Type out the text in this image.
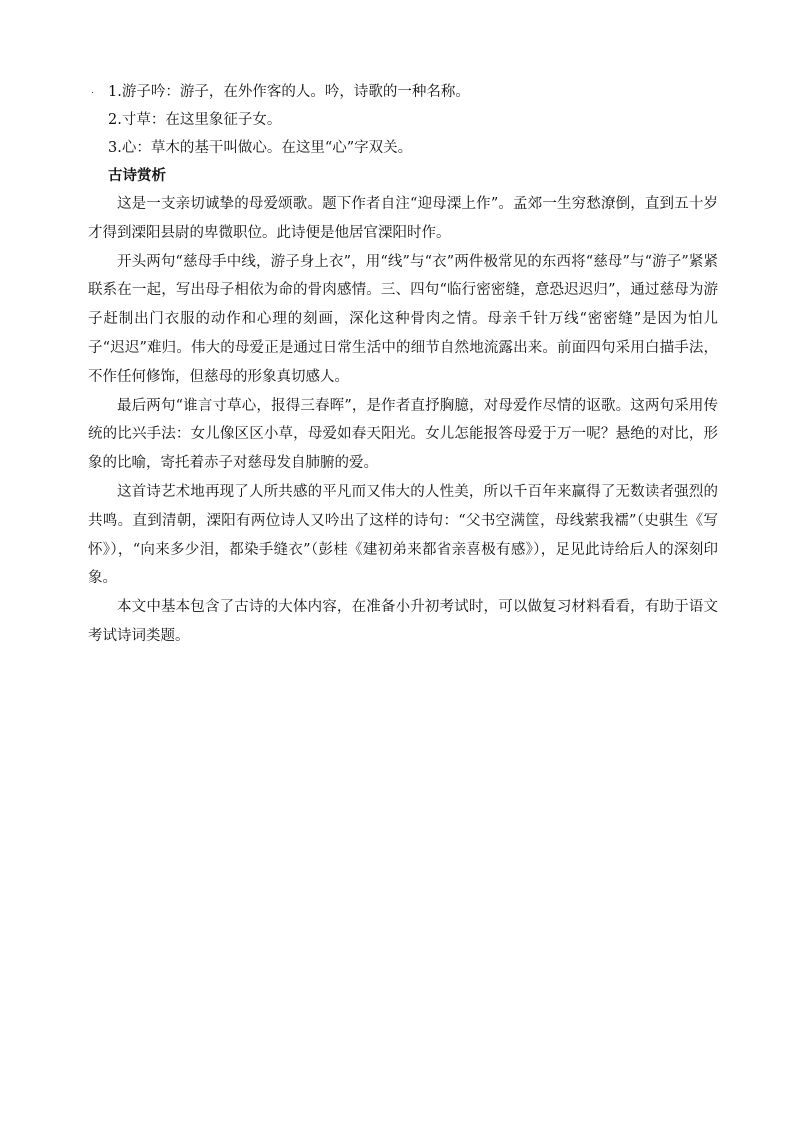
. 1.游子吟：游子，在外作客的人。吟，诗歌的一种名称。

2.寸草：在这里象征子女。

3.心：草木的基干叫做心。在这里“心”字双关。

古诗赏析

这是一支亲切诚挚的母爱颂歌。题下作者自注“迎母溧上作”。孟郊一生穷愁潦倒，直到五十岁才得到溧阳县尉的卑微职位。此诗便是他居官溧阳时作。

开头两句“慈母手中线，游子身上衣”，用“线”与“衣”两件极常见的东西将“慈母”与“游子”紧紧联系在一起，写出母子相依为命的骨肉感情。三、四句“临行密密缝，意恐迟迟归”，通过慈母为游子赶制出门衣服的动作和心理的刻画，深化这种骨肉之情。母亲千针万线“密密缝”是因为怕儿子“迟迟”难归。伟大的母爱正是通过日常生活中的细节自然地流露出来。前面四句采用白描手法，不作任何修饰，但慈母的形象真切感人。

最后两句“谁言寸草心，报得三春晖”，是作者直抒胸臆，对母爱作尽情的讴歌。这两句采用传统的比兴手法：女儿像区区小草，母爱如春天阳光。女儿怎能报答母爱于万一呢？悬绝的对比，形象的比喻，寄托着赤子对慈母发自肺腑的爱。

这首诗艺术地再现了人所共感的平凡而又伟大的人性美，所以千百年来赢得了无数读者强烈的共鸣。直到清朝，溧阳有两位诗人又吟出了这样的诗句：“父书空满筐，母线萦我襦”（史骐生《写怀》），“向来多少泪，都染手缝衣”（彭桂《建初弟来都省亲喜极有感》），足见此诗给后人的深刻印象。

本文中基本包含了古诗的大体内容，在准备小升初考试时，可以做复习材料看看，有助于语文考试诗词类题。
